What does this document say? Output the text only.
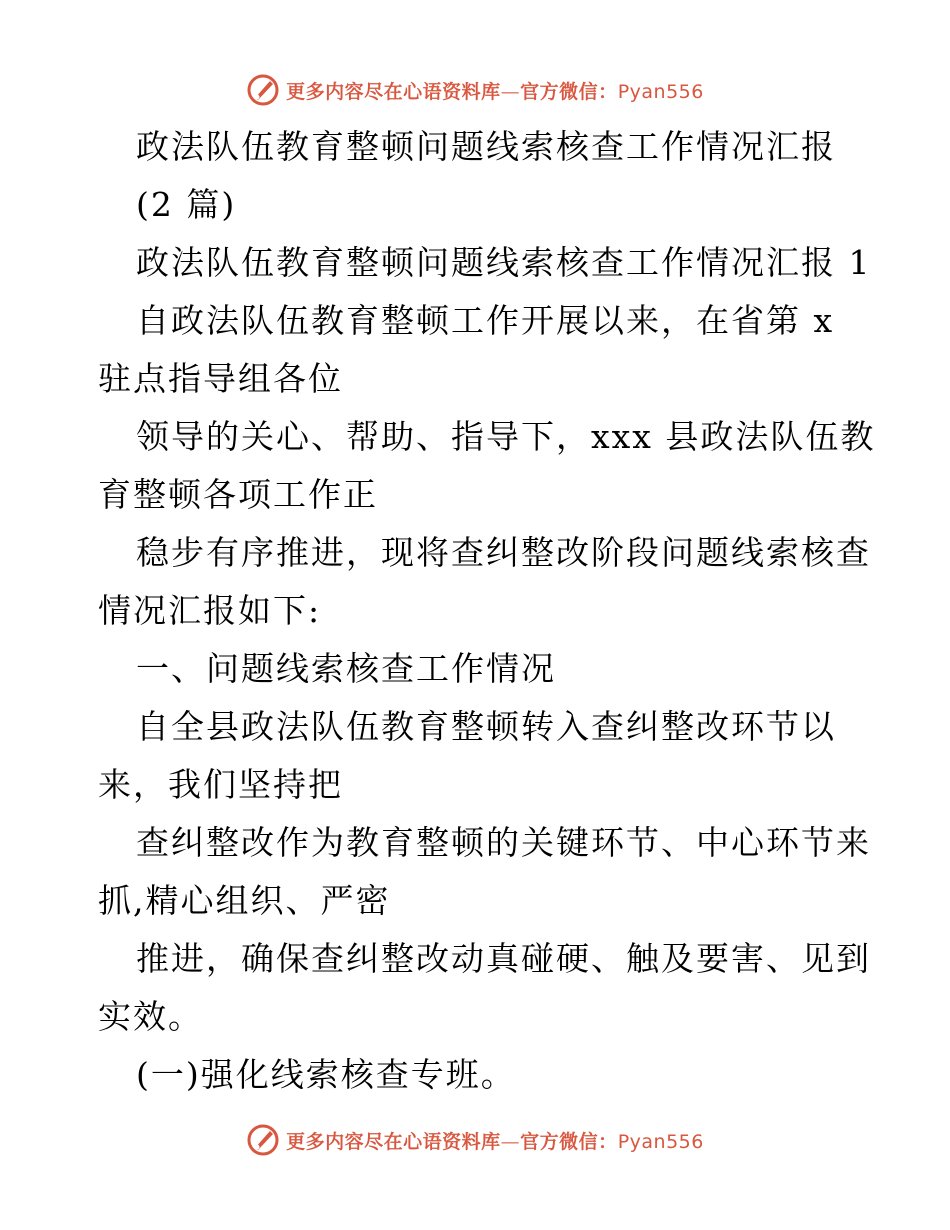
更多内容尽在心语资料库—官方微信：Pyan556

政法队伍教育整顿问题线索核查工作情况汇报

(2 篇)

政法队伍教育整顿问题线索核查工作情况汇报 1

自政法队伍教育整顿工作开展以来，在省第 x

驻点指导组各位

领导的关心、帮助、指导下，xxx 县政法队伍教

育整顿各项工作正

稳步有序推进，现将查纠整改阶段问题线索核查

情况汇报如下:

一、问题线索核查工作情况

自全县政法队伍教育整顿转入查纠整改环节以

来，我们坚持把

查纠整改作为教育整顿的关键环节、中心环节来

抓,精心组织、严密

推进，确保查纠整改动真碰硬、触及要害、见到

实效。

(一)强化线索核查专班。

更多内容尽在心语资料库—官方微信：Pyan556
